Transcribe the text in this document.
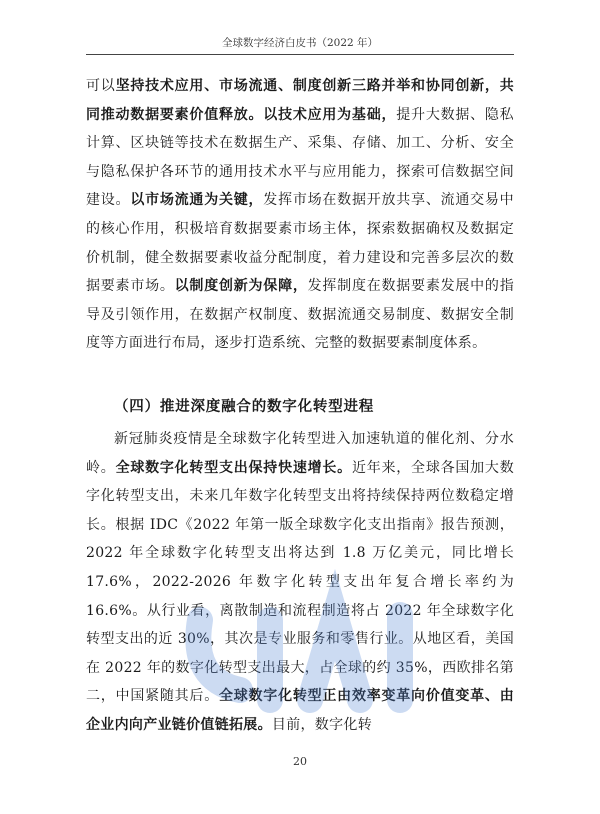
全球数字经济白皮书（2022 年）

可以坚持技术应用、市场流通、制度创新三路并举和协同创新，共同推动数据要素价值释放。以技术应用为基础，提升大数据、隐私计算、区块链等技术在数据生产、采集、存储、加工、分析、安全与隐私保护各环节的通用技术水平与应用能力，探索可信数据空间建设。以市场流通为关键，发挥市场在数据开放共享、流通交易中的核心作用，积极培育数据要素市场主体，探索数据确权及数据定价机制，健全数据要素收益分配制度，着力建设和完善多层次的数据要素市场。以制度创新为保障，发挥制度在数据要素发展中的指导及引领作用，在数据产权制度、数据流通交易制度、数据安全制度等方面进行布局，逐步打造系统、完整的数据要素制度体系。

（四）推进深度融合的数字化转型进程

新冠肺炎疫情是全球数字化转型进入加速轨道的催化剂、分水岭。全球数字化转型支出保持快速增长。近年来，全球各国加大数字化转型支出，未来几年数字化转型支出将持续保持两位数稳定增长。根据 IDC《2022 年第一版全球数字化支出指南》报告预测，2022 年全球数字化转型支出将达到 1.8 万亿美元，同比增长 17.6%，2022-2026 年数字化转型支出年复合增长率约为 16.6%。从行业看，离散制造和流程制造将占 2022 年全球数字化转型支出的近 30%，其次是专业服务和零售行业。从地区看，美国在 2022 年的数字化转型支出最大，占全球的约 35%，西欧排名第二，中国紧随其后。全球数字化转型正由效率变革向价值变革、由企业内向产业链价值链拓展。目前，数字化转

20
